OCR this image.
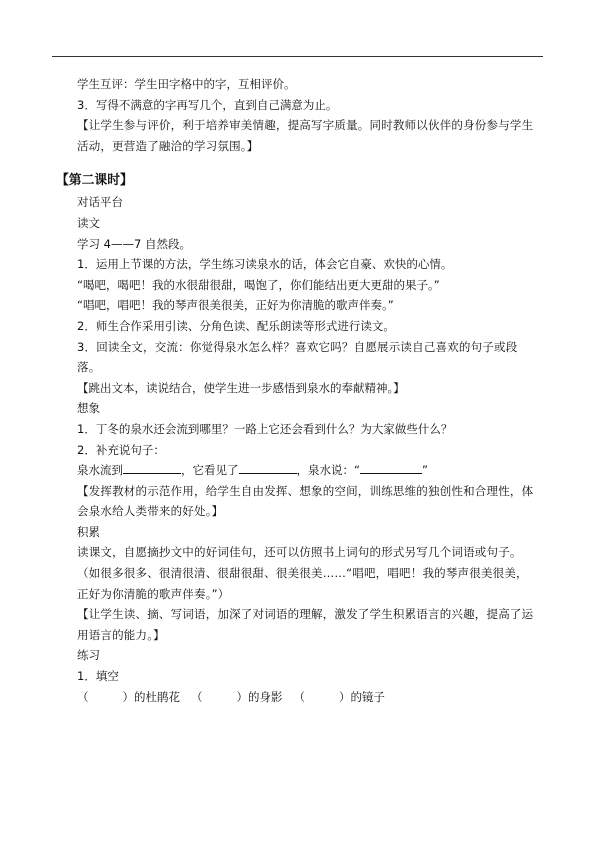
学生互评：学生田字格中的字，互相评价。

3．写得不满意的字再写几个，直到自己满意为止。

【让学生参与评价，利于培养审美情趣，提高写字质量。同时教师以伙伴的身份参与学生活动，更营造了融洽的学习氛围。】

【第二课时】

对话平台

读文

学习 4——7 自然段。

1．运用上节课的方法，学生练习读泉水的话，体会它自豪、欢快的心情。

“喝吧，喝吧！我的水很甜很甜，喝饱了，你们能结出更大更甜的果子。”

“唱吧，唱吧！我的琴声很美很美，正好为你清脆的歌声伴奏。”

2．师生合作采用引读、分角色读、配乐朗读等形式进行读文。

3．回读全文，交流：你觉得泉水怎么样？喜欢它吗？自愿展示读自己喜欢的句子或段落。

【跳出文本，读说结合，使学生进一步感悟到泉水的奉献精神。】

想象

1．丁冬的泉水还会流到哪里？一路上它还会看到什么？为大家做些什么？

2．补充说句子：

泉水流到	，它看见了	，泉水说：“	”

【发挥教材的示范作用，给学生自由发挥、想象的空间，训练思维的独创性和合理性，体会泉水给人类带来的好处。】

积累

读课文，自愿摘抄文中的好词佳句，还可以仿照书上词句的形式另写几个词语或句子。（如很多很多、很清很清、很甜很甜、很美很美……“唱吧，唱吧！我的琴声很美很美，正好为你清脆的歌声伴奏。”）

【让学生读、摘、写词语，加深了对词语的理解，激发了学生积累语言的兴趣，提高了运用语言的能力。】

练习

1．填空

（	）的杜鹃花 （	）的身影 （	）的镜子
